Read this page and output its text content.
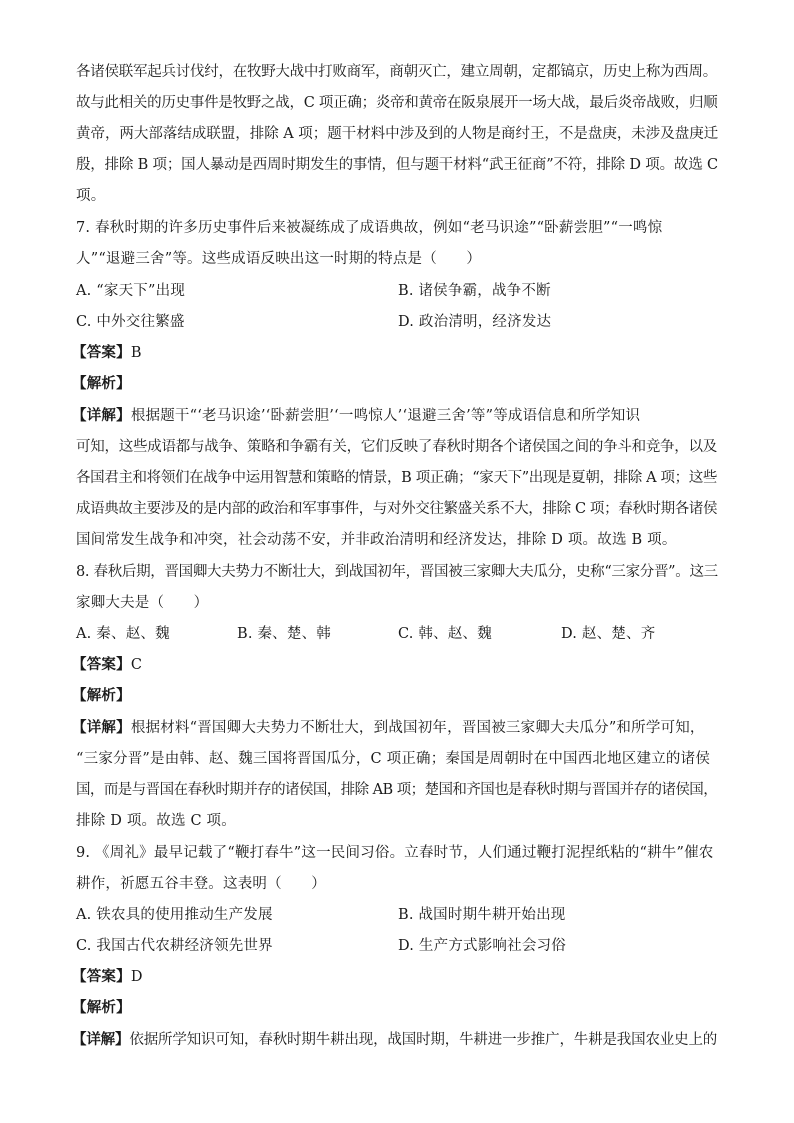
各诸侯联军起兵讨伐纣，在牧野大战中打败商军，商朝灭亡，建立周朝，定都镐京，历史上称为西周。
故与此相关的历史事件是牧野之战，C 项正确；炎帝和黄帝在阪泉展开一场大战，最后炎帝战败，归顺
黄帝，两大部落结成联盟，排除 A 项；题干材料中涉及到的人物是商纣王，不是盘庚，未涉及盘庚迁
殷，排除 B 项；国人暴动是西周时期发生的事情，但与题干材料“武王征商”不符，排除 D 项。故选 C
项。
7. 春秋时期的许多历史事件后来被凝练成了成语典故，例如“老马识途”“卧薪尝胆”“一鸣惊
人”“退避三舍”等。这些成语反映出这一时期的特点是（　　）
A. “家天下”出现	B. 诸侯争霸，战争不断
C. 中外交往繁盛	D. 政治清明，经济发达
【答案】B
【解析】
【详解】根据题干“‘老马识途’‘卧薪尝胆’‘一鸣惊人’‘退避三舍’等”等成语信息和所学知识
可知，这些成语都与战争、策略和争霸有关，它们反映了春秋时期各个诸侯国之间的争斗和竞争，以及
各国君主和将领们在战争中运用智慧和策略的情景，B 项正确；“家天下”出现是夏朝，排除 A 项；这些
成语典故主要涉及的是内部的政治和军事事件，与对外交往繁盛关系不大，排除 C 项；春秋时期各诸侯
国间常发生战争和冲突，社会动荡不安，并非政治清明和经济发达，排除 D 项。故选 B 项。
8. 春秋后期，晋国卿大夫势力不断壮大，到战国初年，晋国被三家卿大夫瓜分，史称“三家分晋”。这三
家卿大夫是（　　）
A. 秦、赵、魏	B. 秦、楚、韩	C. 韩、赵、魏	D. 赵、楚、齐
【答案】C
【解析】
【详解】根据材料“晋国卿大夫势力不断壮大，到战国初年，晋国被三家卿大夫瓜分”和所学可知，
“三家分晋”是由韩、赵、魏三国将晋国瓜分，C 项正确；秦国是周朝时在中国西北地区建立的诸侯
国，而是与晋国在春秋时期并存的诸侯国，排除 AB 项；楚国和齐国也是春秋时期与晋国并存的诸侯国，
排除 D 项。故选 C 项。
9. 《周礼》最早记载了“鞭打春牛”这一民间习俗。立春时节，人们通过鞭打泥捏纸粘的“耕牛”催农
耕作，祈愿五谷丰登。这表明（　　）
A. 铁农具的使用推动生产发展	B. 战国时期牛耕开始出现
C. 我国古代农耕经济领先世界	D. 生产方式影响社会习俗
【答案】D
【解析】
【详解】依据所学知识可知，春秋时期牛耕出现，战国时期，牛耕进一步推广，牛耕是我国农业史上的
